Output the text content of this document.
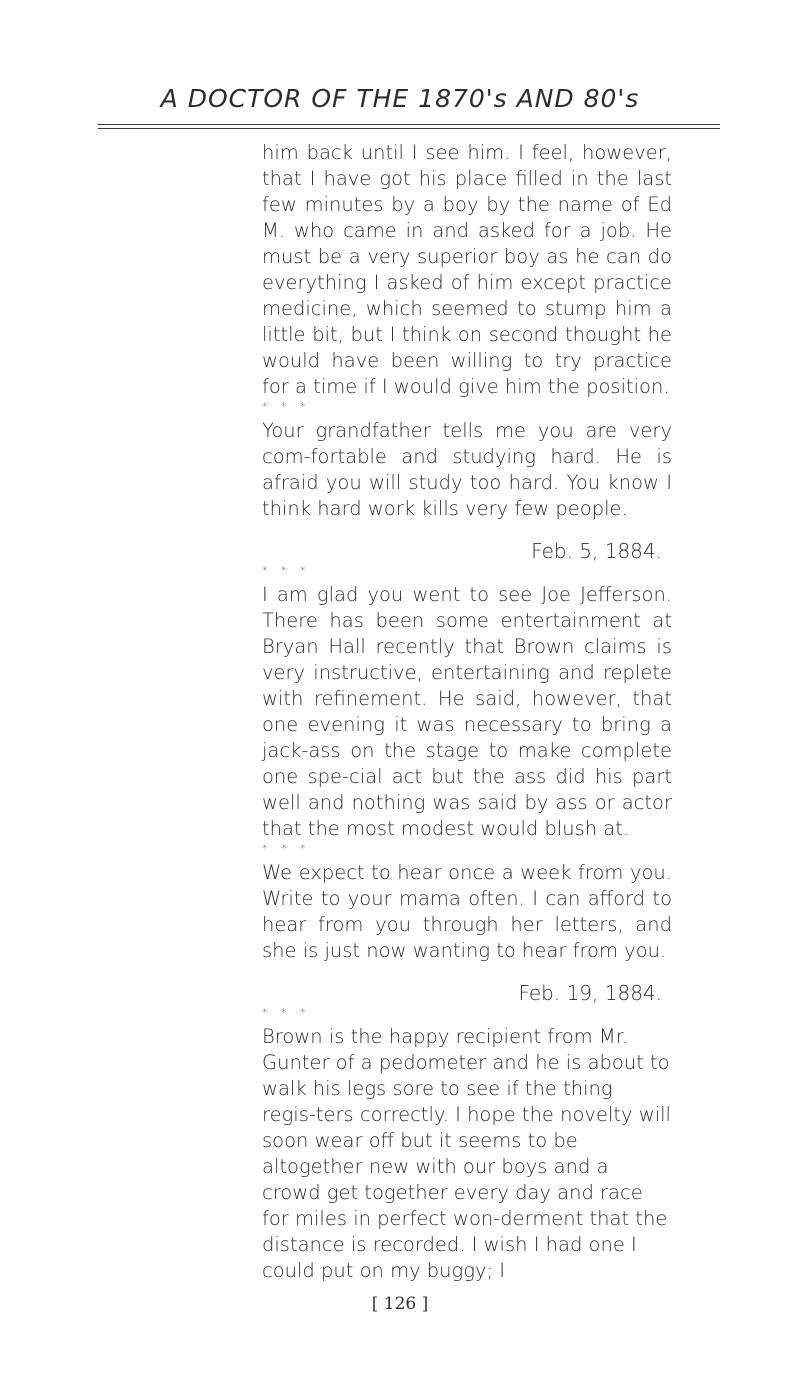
A DOCTOR OF THE 1870's AND 80's

him back until I see him. I feel, however, that I have got his place filled in the last few minutes by a boy by the name of Ed M. who came in and asked for a job. He must be a very superior boy as he can do everything I asked of him except practice medicine, which seemed to stump him a little bit, but I think on second thought he would have been willing to try practice for a time if I would give him the position.

* * *

Your grandfather tells me you are very com-fortable and studying hard. He is afraid you will study too hard. You know I think hard work kills very few people.

Feb. 5, 1884.
* * *

I am glad you went to see Joe Jefferson. There has been some entertainment at Bryan Hall recently that Brown claims is very instructive, entertaining and replete with refinement. He said, however, that one evening it was necessary to bring a jack-ass on the stage to make complete one spe-cial act but the ass did his part well and nothing was said by ass or actor that the most modest would blush at.

* * *

We expect to hear once a week from you. Write to your mama often. I can afford to hear from you through her letters, and she is just now wanting to hear from you.

Feb. 19, 1884.
* * *

Brown is the happy recipient from Mr. Gunter of a pedometer and he is about to walk his legs sore to see if the thing regis-ters correctly. I hope the novelty will soon wear off but it seems to be altogether new with our boys and a crowd get together every day and race for miles in perfect won-derment that the distance is recorded. I wish I had one I could put on my buggy; I

[ 126 ]
